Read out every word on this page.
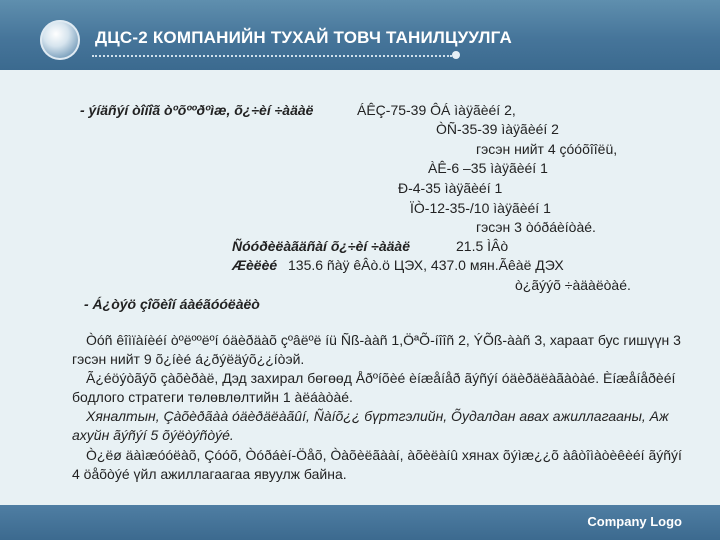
ДЦС-2 КОМПАНИЙН ТУХАЙ ТОВЧ ТАНИЛЦУУЛГА
- ýíäñýí òîíîã òºõººðºìæ, õ¿÷èí ÷àäàë	ÁÊÇ-75-39 ÔÁ ìàÿãèéí 2,
ÒÑ-35-39 ìàÿãèéí 2
гэсэн нийт 4 çóóõîîëü,
ÀÊ-6 –35 ìàÿãèéí 1
Ð-4-35 ìàÿãèéí 1
ÏÒ-12-35-/10 ìàÿãèéí 1
гэсэн 3 òóðáèíòàé.
Ñóóðèëàãäñàí õ¿÷èí ÷àäàë	21.5 ÌÂò
Æèëèé 135.6 ñàÿ êÂò.ö ЦЭХ, 437.0 мян.Ãêàë ДЭХ
ò¿ãýýõ ÷àäàëòàé.
- Á¿òýö çîõèîí áàéãóóëàëò

Òóñ êîìïàíèéí òºëººëºí óäèðäàõ çºâëºë íü Ñß-ààñ 1,ÖªÕ-íîîñ 2, ÝÕß-ààñ 3, хараат бус гишүүн 3 гэсэн нийт 9 õ¿íèé á¿ðýëäýõ¿¿íòэй.

Ã¿éöýòãýõ çàõèðàë, Дэд захирал бөгөөд Åðºíõèé èíæåíåð ãýñýí óäèðäëàãàòàé. Èíæåíåðèéí бодлого стратеги төлөвлөлтийн 1 àëáàòàé.

Хяналтын, Çàõèðãàà óäèðäëàãûí, Ñàíõ¿¿ бүртгэлийн, Õудалдан авах ажиллагааны, Аж ахуйн ãýñýí 5 õýëòýñòýé.

Ò¿ëø äàìæóóëàõ, Çóóõ, Òóðáèí-Öåõ, Òàõèëãààí, àõèëàíû хянах õýìæ¿¿õ àâòîìàòèêèéí ãýñýí 4 öåõòýé үйл ажиллагаагаа явуулж байна.

Company Logo
